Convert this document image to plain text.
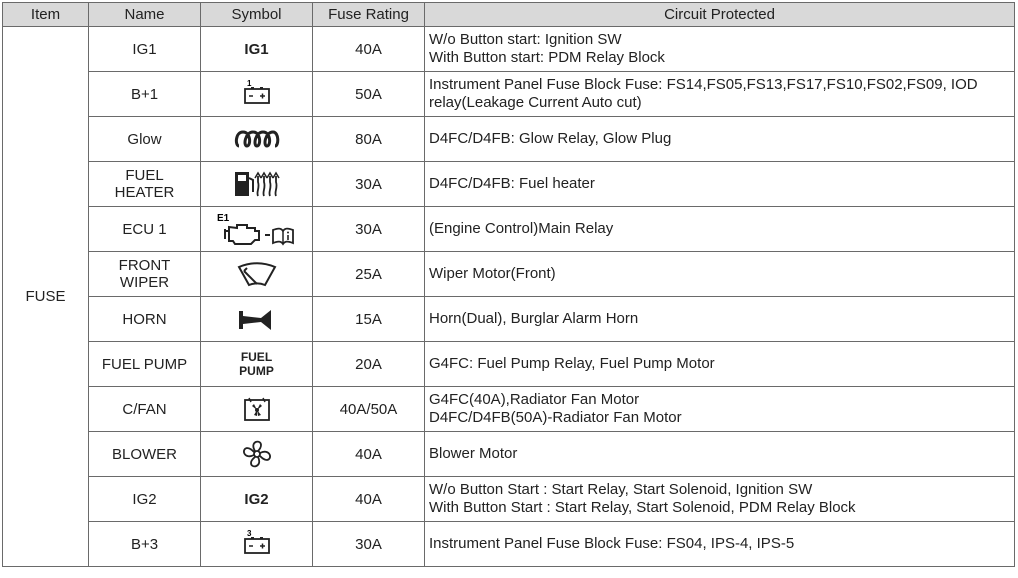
Item	Name	Symbol	Fuse Rating	Circuit Protected
FUSE	IG1	IG1	40A	W/o Button start: Ignition SW
With Button start: PDM Relay Block

	B+1	1	50A	Instrument Panel Fuse Block Fuse: FS14,FS05,FS13,FS17,FS10,FS02,FS09, IOD
relay(Leakage Current Auto cut)

	Glow		80A	D4FC/D4FB: Glow Relay, Glow Plug

	FUEL
HEATER		30A	D4FC/D4FB: Fuel heater

	ECU 1	E1	30A	(Engine Control)Main Relay

	FRONT
WIPER		25A	Wiper Motor(Front)

	HORN		15A	Horn(Dual), Burglar Alarm Horn

	FUEL PUMP	FUEL
PUMP	20A	G4FC: Fuel Pump Relay, Fuel Pump Motor

	C/FAN		40A/50A	G4FC(40A),Radiator Fan Motor
D4FC/D4FB(50A)-Radiator Fan Motor

	BLOWER		40A	Blower Motor

	IG2	IG2	40A	W/o Button Start : Start Relay, Start Solenoid, Ignition SW
With Button Start : Start Relay, Start Solenoid, PDM Relay Block

	B+3	3	30A	Instrument Panel Fuse Block Fuse: FS04, IPS-4, IPS-5
